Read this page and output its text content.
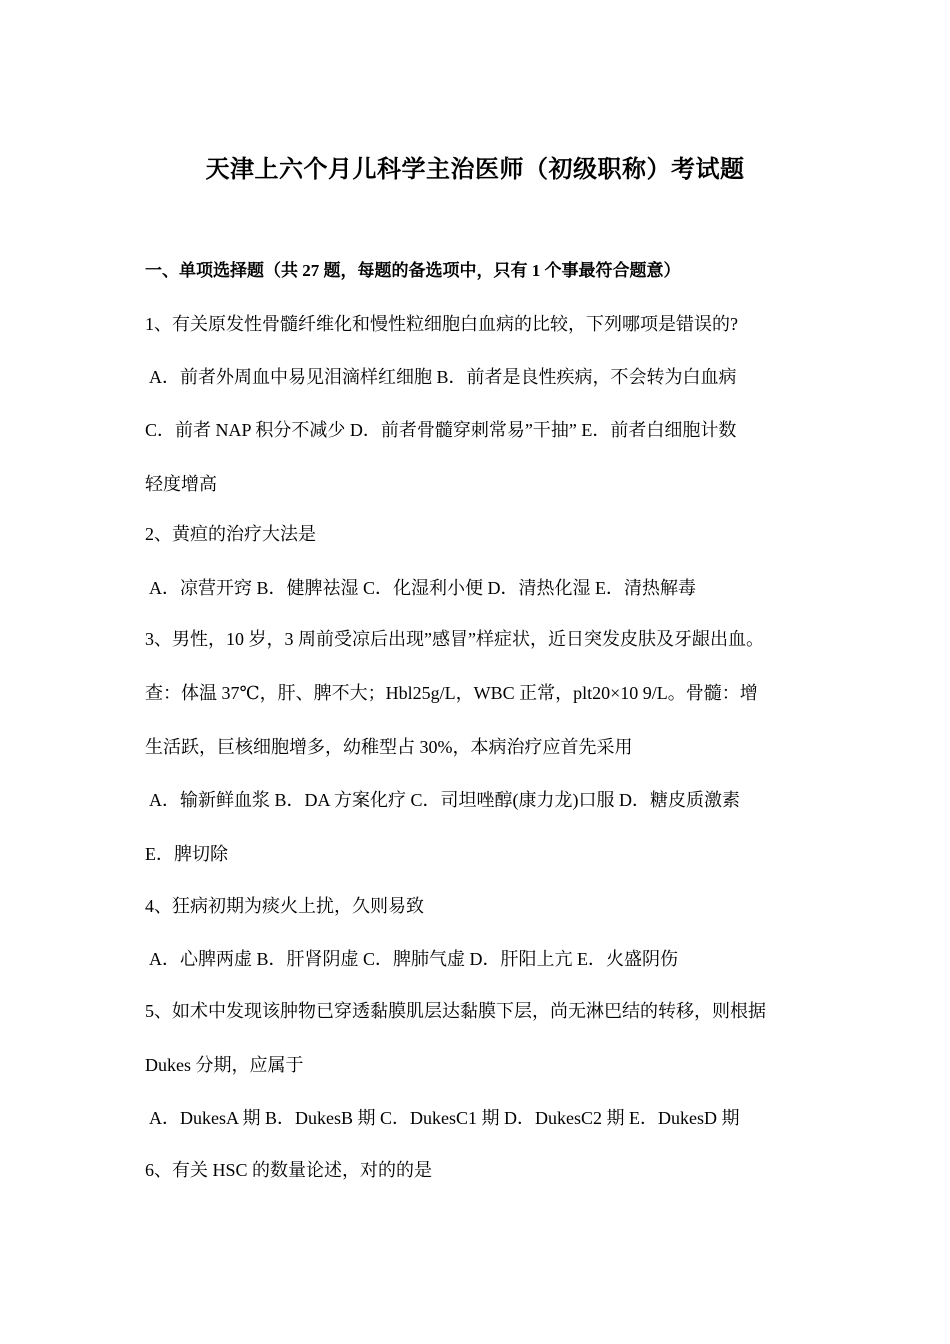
天津上六个月儿科学主治医师（初级职称）考试题
一、单项选择题（共 27 题，每题的备选项中，只有 1 个事最符合题意）
1、有关原发性骨髓纤维化和慢性粒细胞白血病的比较，下列哪项是错误的?
A．前者外周血中易见泪滴样红细胞 B．前者是良性疾病，不会转为白血病
C．前者 NAP 积分不减少 D．前者骨髓穿刺常易”干抽” E．前者白细胞计数
轻度增高
2、黄疸的治疗大法是
A．凉营开窍 B．健脾祛湿 C．化湿利小便 D．清热化湿 E．清热解毒
3、男性，10 岁，3 周前受凉后出现”感冒”样症状，近日突发皮肤及牙龈出血。
查：体温 37℃，肝、脾不大；Hbl25g/L，WBC 正常，plt20×10 9/L。骨髓：增
生活跃，巨核细胞增多，幼稚型占 30%，本病治疗应首先采用
A．输新鲜血浆 B．DA 方案化疗 C．司坦唑醇(康力龙)口服 D．糖皮质激素
E．脾切除
4、狂病初期为痰火上扰，久则易致
A．心脾两虚 B．肝肾阴虚 C．脾肺气虚 D．肝阳上亢 E．火盛阴伤
5、如术中发现该肿物已穿透黏膜肌层达黏膜下层，尚无淋巴结的转移，则根据
Dukes 分期，应属于
A．DukesA 期 B．DukesB 期 C．DukesC1 期 D．DukesC2 期 E．DukesD 期
6、有关 HSC 的数量论述，对的的是
